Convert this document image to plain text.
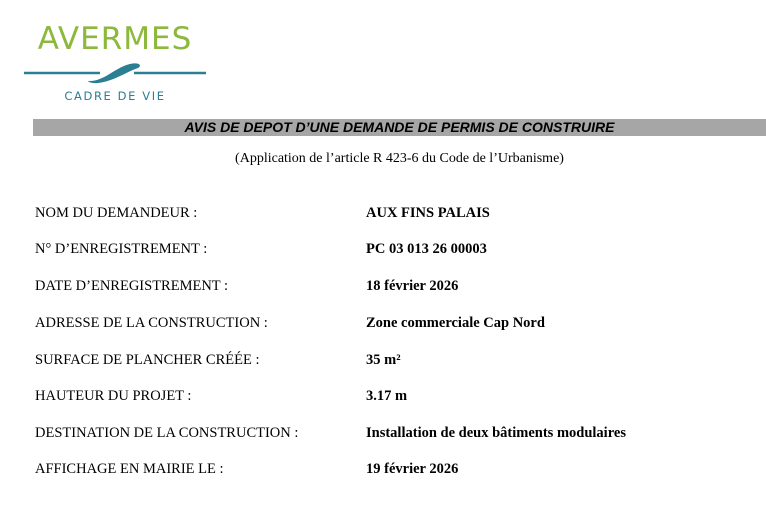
AVERMES
CADRE DE VIE
AVIS DE DEPOT D’UNE DEMANDE DE PERMIS DE CONSTRUIRE
(Application de l’article R 423-6 du Code de l’Urbanisme)
NOM DU DEMANDEUR :	AUX FINS PALAIS
N° D’ENREGISTREMENT :	PC 03 013 26 00003
DATE D’ENREGISTREMENT :	18 février 2026
ADRESSE DE LA CONSTRUCTION :	Zone commerciale Cap Nord
SURFACE DE PLANCHER CRÉÉE :	35 m²
HAUTEUR DU PROJET :	3.17 m
DESTINATION DE LA CONSTRUCTION :	Installation de deux bâtiments modulaires
AFFICHAGE EN MAIRIE LE :	19 février 2026
